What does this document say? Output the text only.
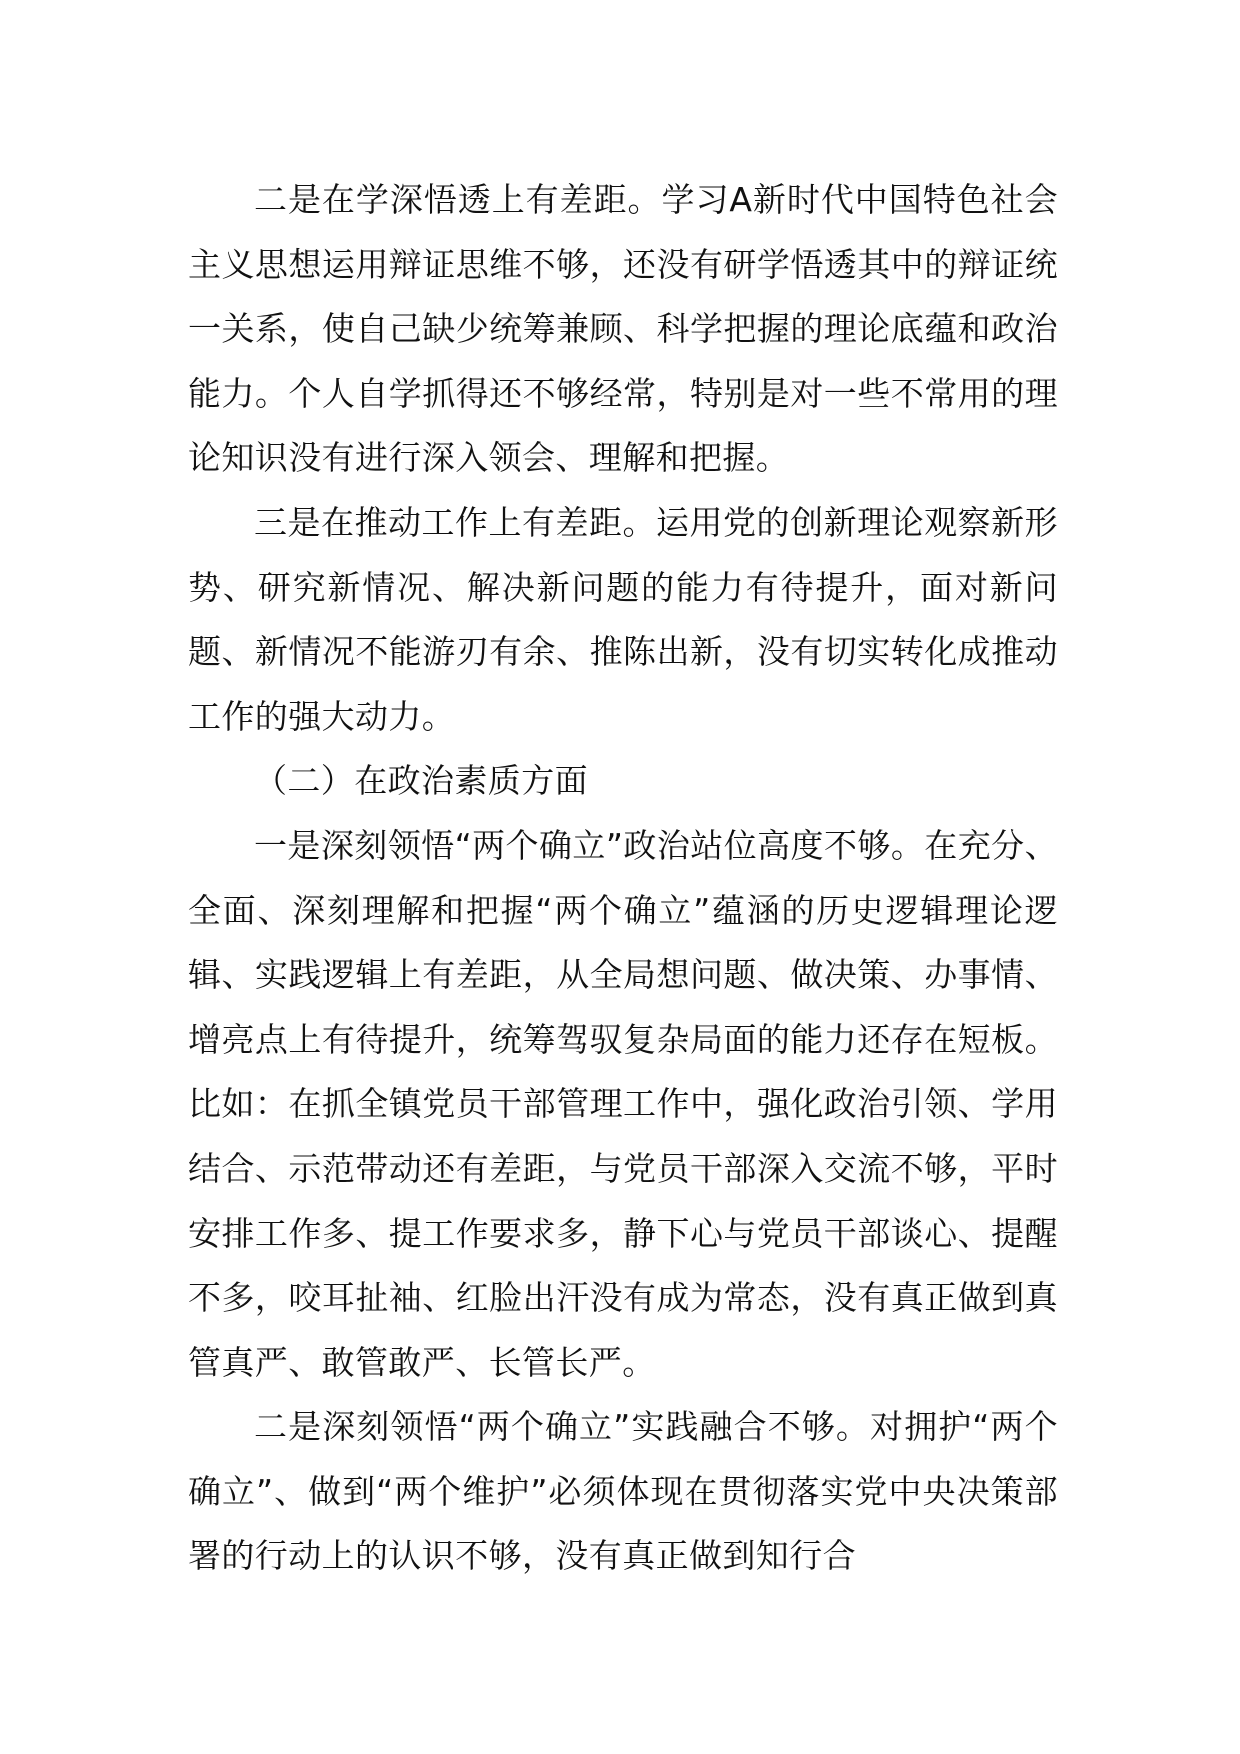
二是在学深悟透上有差距。学习A新时代中国特色社会主义思想运用辩证思维不够，还没有研学悟透其中的辩证统一关系，使自己缺少统筹兼顾、科学把握的理论底蕴和政治能力。个人自学抓得还不够经常，特别是对一些不常用的理论知识没有进行深入领会、理解和把握。

三是在推动工作上有差距。运用党的创新理论观察新形势、研究新情况、解决新问题的能力有待提升，面对新问题、新情况不能游刃有余、推陈出新，没有切实转化成推动工作的强大动力。

（二）在政治素质方面

一是深刻领悟“两个确立”政治站位高度不够。在充分、全面、深刻理解和把握“两个确立”蕴涵的历史逻辑理论逻辑、实践逻辑上有差距，从全局想问题、做决策、办事情、增亮点上有待提升，统筹驾驭复杂局面的能力还存在短板。比如：在抓全镇党员干部管理工作中，强化政治引领、学用结合、示范带动还有差距，与党员干部深入交流不够，平时安排工作多、提工作要求多，静下心与党员干部谈心、提醒不多，咬耳扯袖、红脸出汗没有成为常态，没有真正做到真管真严、敢管敢严、长管长严。

二是深刻领悟“两个确立”实践融合不够。对拥护“两个确立”、做到“两个维护”必须体现在贯彻落实党中央决策部署的行动上的认识不够，没有真正做到知行合
